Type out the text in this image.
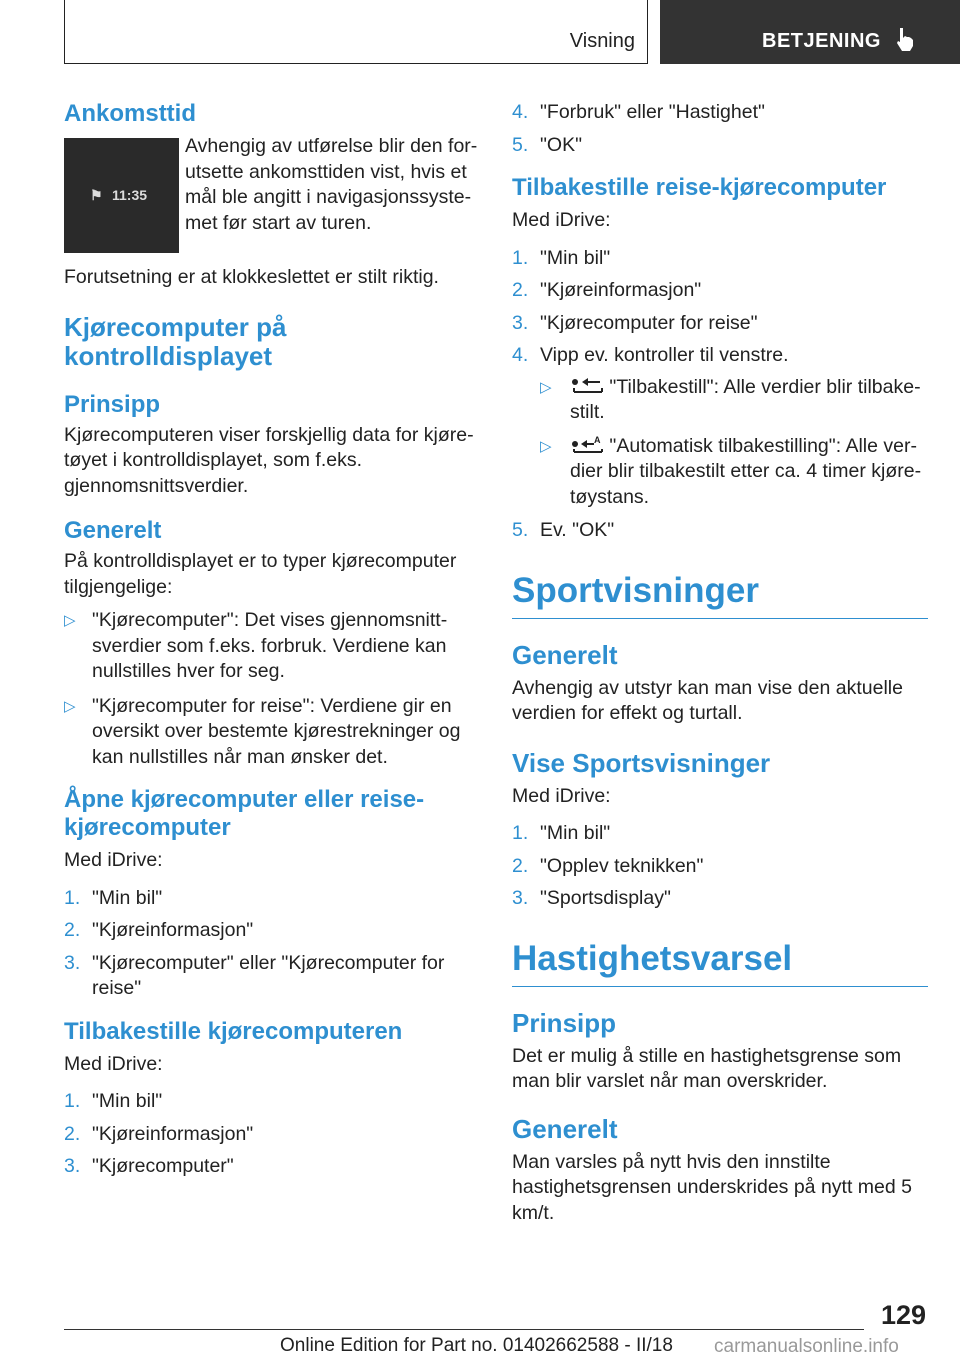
Visning	BETJENING
Ankomsttid
⚑ 11:35

Avhengig av utførelse blir den forutsette ankomsttiden vist, hvis et mål ble angitt i navigasjonssystemet før start av turen.

Forutsetning er at klokkeslettet er stilt riktig.

Kjørecomputer på kontrolldisplayet
Prinsipp

Kjørecomputeren viser forskjellig data for kjøretøyet i kontrolldisplayet, som f.eks. gjennomsnittsverdier.

Generelt

På kontrolldisplayet er to typer kjørecomputer tilgjengelige:

▷ "Kjørecomputer": Det vises gjennomsnittsverdier som f.eks. forbruk. Verdiene kan nullstilles hver for seg.
▷ "Kjørecomputer for reise": Verdiene gir en oversikt over bestemte kjørestrekninger og kan nullstilles når man ønsker det.
Åpne kjørecomputer eller reisekjørecomputer

Med iDrive:

1. "Min bil"
2. "Kjøreinformasjon"
3. "Kjørecomputer" eller "Kjørecomputer for reise"
Tilbakestille kjørecomputeren

Med iDrive:

1. "Min bil"
2. "Kjøreinformasjon"
3. "Kjørecomputer"
4. "Forbruk" eller "Hastighet"
5. "OK"
Tilbakestille reise-kjørecomputer

Med iDrive:

1. "Min bil"
2. "Kjøreinformasjon"
3. "Kjørecomputer for reise"
4. Vipp ev. kontroller til venstre.
▷	"Tilbakestill": Alle verdier blir tilbakestilt.
▷	A "Automatisk tilbakestilling": Alle verdier blir tilbakestilt etter ca. 4 timer kjøretøystans.
5. Ev. "OK"
Sportvisninger
Generelt

Avhengig av utstyr kan man vise den aktuelle verdien for effekt og turtall.

Vise Sportsvisninger

Med iDrive:

1. "Min bil"
2. "Opplev teknikken"
3. "Sportsdisplay"
Hastighetsvarsel
Prinsipp

Det er mulig å stille en hastighetsgrense som man blir varslet når man overskrider.

Generelt

Man varsles på nytt hvis den innstilte hastighetsgrensen underskrides på nytt med 5 km/t.

129
Online Edition for Part no. 01402662588 - II/18 carmanualsonline.info
